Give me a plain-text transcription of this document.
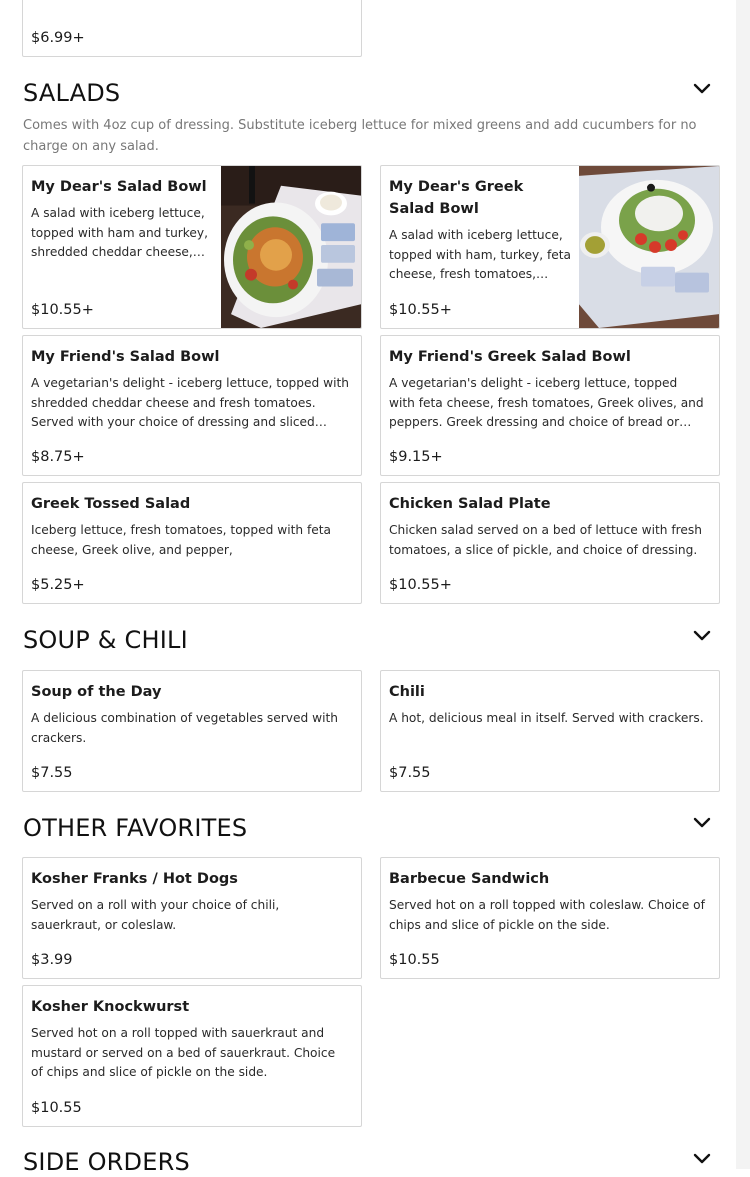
$6.99+
SALADS
Comes with 4oz cup of dressing. Substitute iceberg lettuce for mixed greens and add cucumbers for no charge on any salad.
My Dear's Salad Bowl
A salad with iceberg lettuce, topped with ham and turkey, shredded cheddar cheese,
$10.55+
My Dear's Greek Salad Bowl
A salad with iceberg lettuce, topped with ham, turkey, feta cheese, fresh tomatoes,
$10.55+
My Friend's Salad Bowl
A vegetarian's delight - iceberg lettuce, topped with shredded cheddar cheese and fresh tomatoes. Served with your choice of dressing and sliced
$8.75+
My Friend's Greek Salad Bowl
A vegetarian's delight - iceberg lettuce, topped with feta cheese, fresh tomatoes, Greek olives, and peppers. Greek dressing and choice of bread or
$9.15+
Greek Tossed Salad
Iceberg lettuce, fresh tomatoes, topped with feta cheese, Greek olive, and pepper,
$5.25+
Chicken Salad Plate
Chicken salad served on a bed of lettuce with fresh tomatoes, a slice of pickle, and choice of dressing.
$10.55+
SOUP & CHILI
Soup of the Day
A delicious combination of vegetables served with crackers.
$7.55
Chili
A hot, delicious meal in itself. Served with crackers.
$7.55
OTHER FAVORITES
Kosher Franks / Hot Dogs
Served on a roll with your choice of chili, sauerkraut, or coleslaw.
$3.99
Barbecue Sandwich
Served hot on a roll topped with coleslaw. Choice of chips and slice of pickle on the side.
$10.55
Kosher Knockwurst
Served hot on a roll topped with sauerkraut and mustard or served on a bed of sauerkraut. Choice of chips and slice of pickle on the side.
$10.55
SIDE ORDERS
